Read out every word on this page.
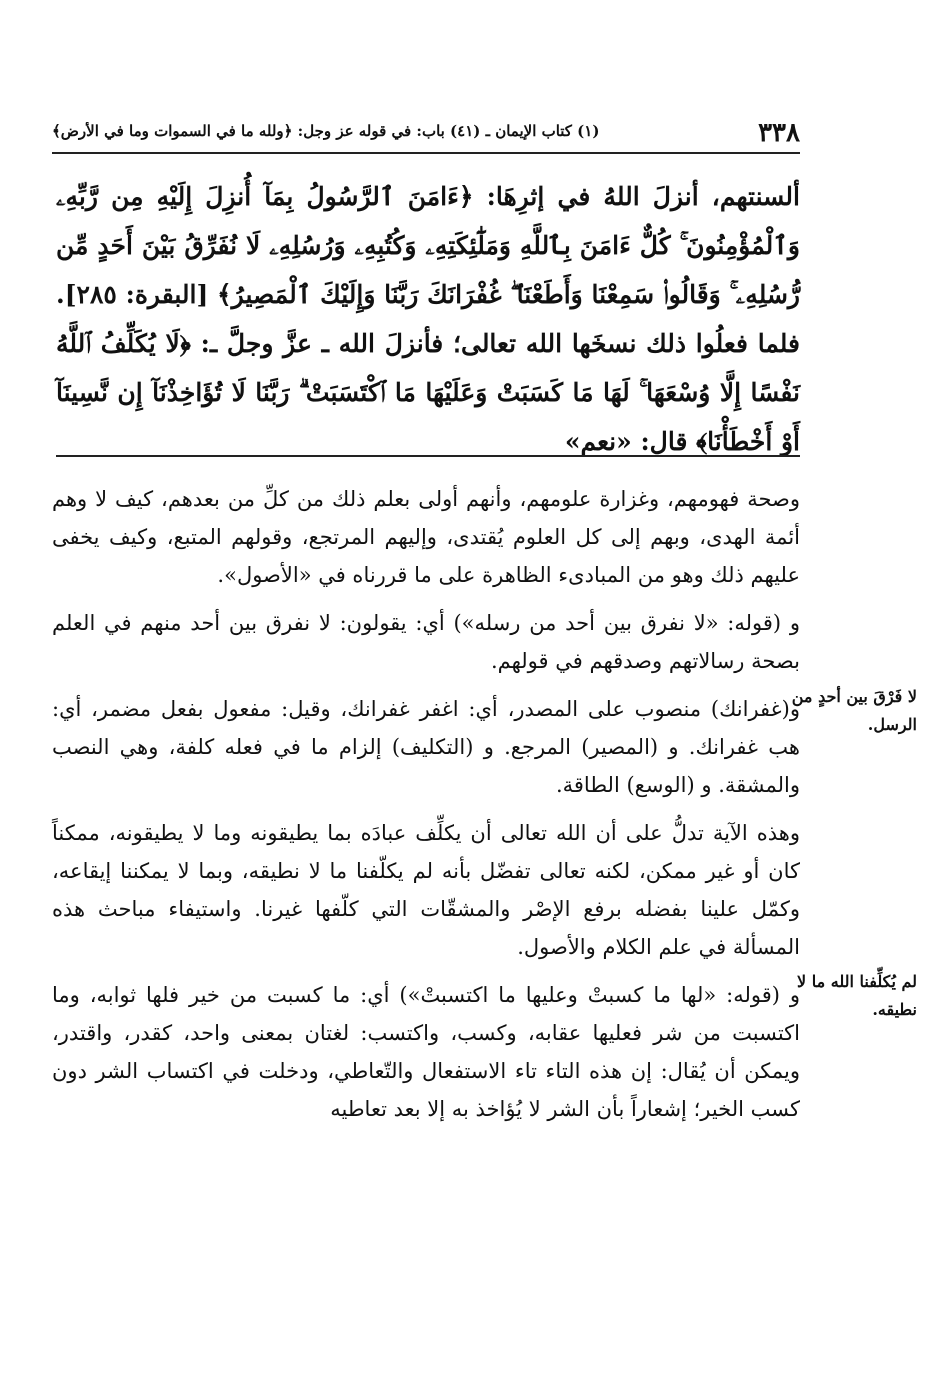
٣٣٨
(١) كتاب الإيمان ـ (٤١) باب: في قوله عز وجل: ﴿ولله ما في السموات وما في الأرض﴾
ألسنتهم، أنزلَ اللهُ في إثرِهَا: ﴿ءَامَنَ ٱلرَّسُولُ بِمَآ أُنزِلَ إِلَيْهِ مِن رَّبِّهِۦ وَٱلْمُؤْمِنُونَ ۚ كُلٌّ ءَامَنَ بِٱللَّهِ وَمَلَٰٓئِكَتِهِۦ وَكُتُبِهِۦ وَرُسُلِهِۦ لَا نُفَرِّقُ بَيْنَ أَحَدٍ مِّن رُّسُلِهِۦ ۚ وَقَالُوا۟ سَمِعْنَا وَأَطَعْنَا ۖ غُفْرَانَكَ رَبَّنَا وَإِلَيْكَ ٱلْمَصِيرُ﴾ [البقرة: ٢٨٥]. فلما فعلُوا ذلك نسخَها الله تعالى؛ فأنزلَ الله ـ عزَّ وجلَّ ـ: ﴿لَا يُكَلِّفُ ٱللَّهُ نَفْسًا إِلَّا وُسْعَهَا ۚ لَهَا مَا كَسَبَتْ وَعَلَيْهَا مَا ٱكْتَسَبَتْ ۗ رَبَّنَا لَا تُؤَاخِذْنَآ إِن نَّسِينَآ أَوْ أَخْطَأْنَا﴾ قال: «نعم»

وصحة فهومهم، وغزارة علومهم، وأنهم أولى بعلم ذلك من كلِّ من بعدهم، كيف لا وهم أئمة الهدى، وبهم إلى كل العلوم يُقتدى، وإليهم المرتجع، وقولهم المتبع، وكيف يخفى عليهم ذلك وهو من المبادىء الظاهرة على ما قررناه في «الأصول».

و (قوله: «لا نفرق بين أحد من رسله») أي: يقولون: لا نفرق بين أحد منهم في العلم بصحة رسالاتهم وصدقهم في قولهم.

و(غفرانك) منصوب على المصدر، أي: اغفر غفرانك، وقيل: مفعول بفعل مضمر، أي: هب غفرانك. و (المصير) المرجع. و (التكليف) إلزام ما في فعله كلفة، وهي النصب والمشقة. و (الوسع) الطاقة.

وهذه الآية تدلُّ على أن الله تعالى أن يكلِّف عبادَه بما يطيقونه وما لا يطيقونه، ممكناً كان أو غير ممكن، لكنه تعالى تفضّل بأنه لم يكلّفنا ما لا نطيقه، وبما لا يمكننا إيقاعه، وكمّل علينا بفضله برفع الإصْر والمشقّات التي كلّفها غيرنا. واستيفاء مباحث هذه المسألة في علم الكلام والأصول.

و (قوله: «لها ما كسبتْ وعليها ما اكتسبتْ») أي: ما كسبت من خير فلها ثوابه، وما اكتسبت من شر فعليها عقابه، وكسب، واكتسب: لغتان بمعنى واحد، كقدر، واقتدر، ويمكن أن يُقال: إن هذه التاء تاء الاستفعال والتّعاطي، ودخلت في اكتساب الشر دون كسب الخير؛ إشعاراً بأن الشر لا يُؤاخذ به إلا بعد تعاطيه

لا فَرْقَ بين أحدٍ من الرسل.
لم يُكلِّفنا الله ما لا نطيقه.
